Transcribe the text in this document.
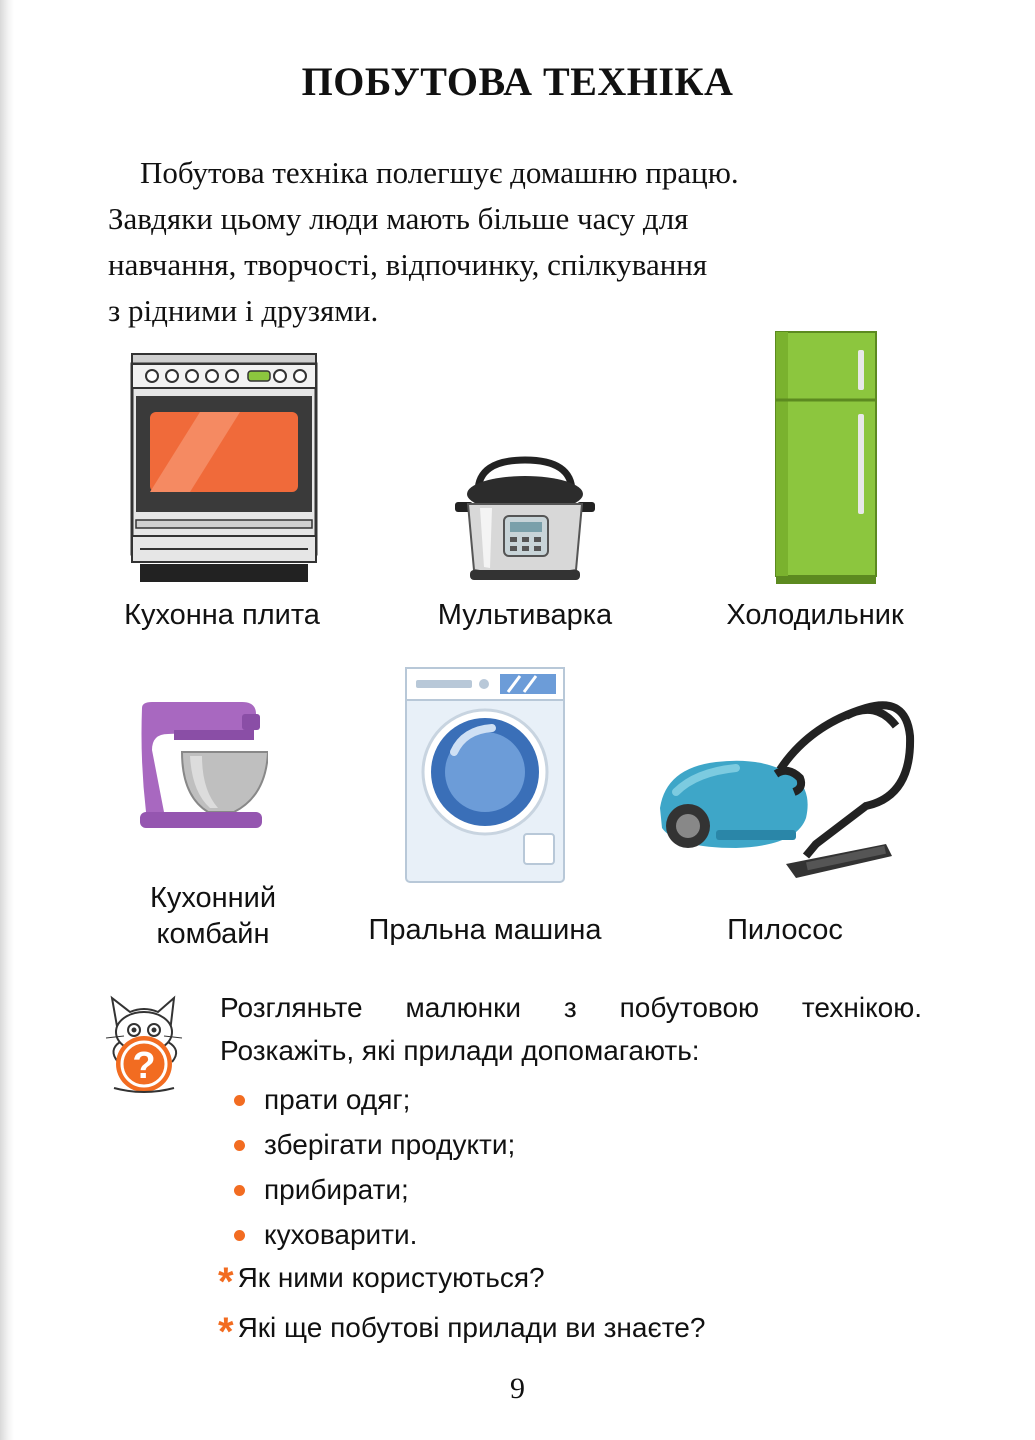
ПОБУТОВА ТЕХНІКА

Побутова техніка полегшує домашню працю.
Завдяки цьому люди мають більше часу для
навчання, творчості, відпочинку, спілкування
з рідними і друзями.

Кухонна плита	Мультиварка	Холодильник

Кухонний

комбайн	Пральна машина	Пилосос

?

Розгляньте малюнки з побутовою технікою.

Розкажіть, які прилади допомагають:

прати одяг;
зберігати продукти;
прибирати;
куховарити.
* Як ними користуються?
* Які ще побутові прилади ви знаєте?

9
